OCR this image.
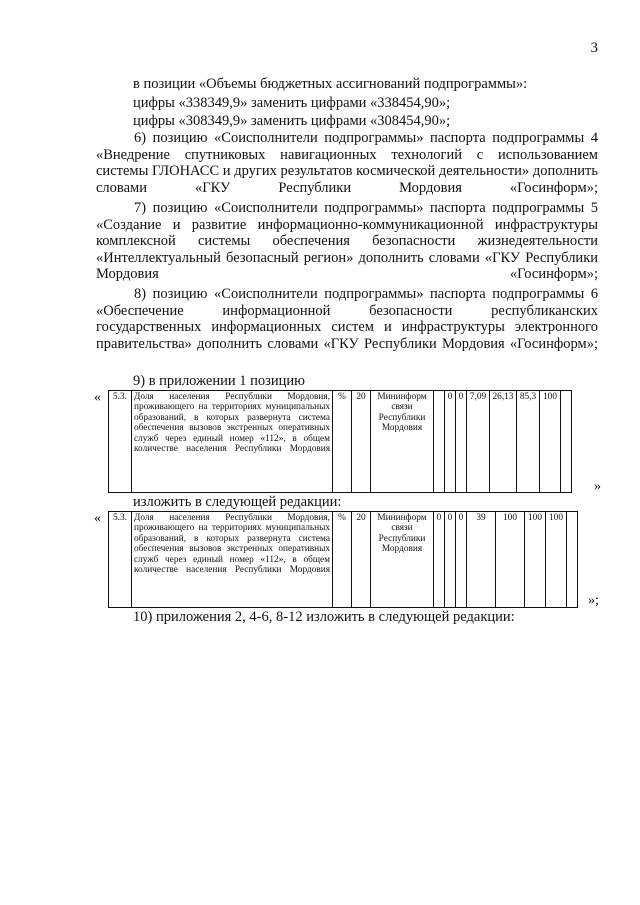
3
в позиции «Объемы бюджетных ассигнований подпрограммы»:
цифры «338349,9» заменить цифрами «338454,90»;
цифры «308349,9» заменить цифрами «308454,90»;
6) позицию «Соисполнители подпрограммы» паспорта подпрограммы 4 «Внедрение спутниковых навигационных технологий с использованием системы ГЛОНАСС и других результатов космической деятельности» дополнить словами «ГКУ Республики Мордовия «Госинформ»;
7) позицию «Соисполнители подпрограммы» паспорта подпрограммы 5 «Создание и развитие информационно-коммуникационной инфраструктуры комплексной системы обеспечения безопасности жизнедеятельности «Интеллектуальный безопасный регион» дополнить словами «ГКУ Республики Мордовия «Госинформ»;
8) позицию «Соисполнители подпрограммы» паспорта подпрограммы 6 «Обеспечение информационной безопасности республиканских государственных информационных систем и инфраструктуры электронного правительства» дополнить словами «ГКУ Республики Мордовия «Госинформ»;
9) в приложении 1 позицию
« 5.3.	Доля населения Республики Мордовия, проживающего на территориях муниципальных образований, в которых развернута система обеспечения вызовов экстренных оперативных служб через единый номер «112», в общем количестве населения Республики Мордовия	%	20	Мининформ связи Республики Мордовия		0	0	7,09	26,13	85,3	100	
»
изложить в следующей редакции:
« 5.3.	Доля населения Республики Мордовия, проживающего на территориях муниципальных образований, в которых развернута система обеспечения вызовов экстренных оперативных служб через единый номер «112», в общем количестве населения Республики Мордовия	%	20	Мининформ связи Республики Мордовия	0	0	0	39	100	100	100	
»;
10) приложения 2, 4-6, 8-12 изложить в следующей редакции:
